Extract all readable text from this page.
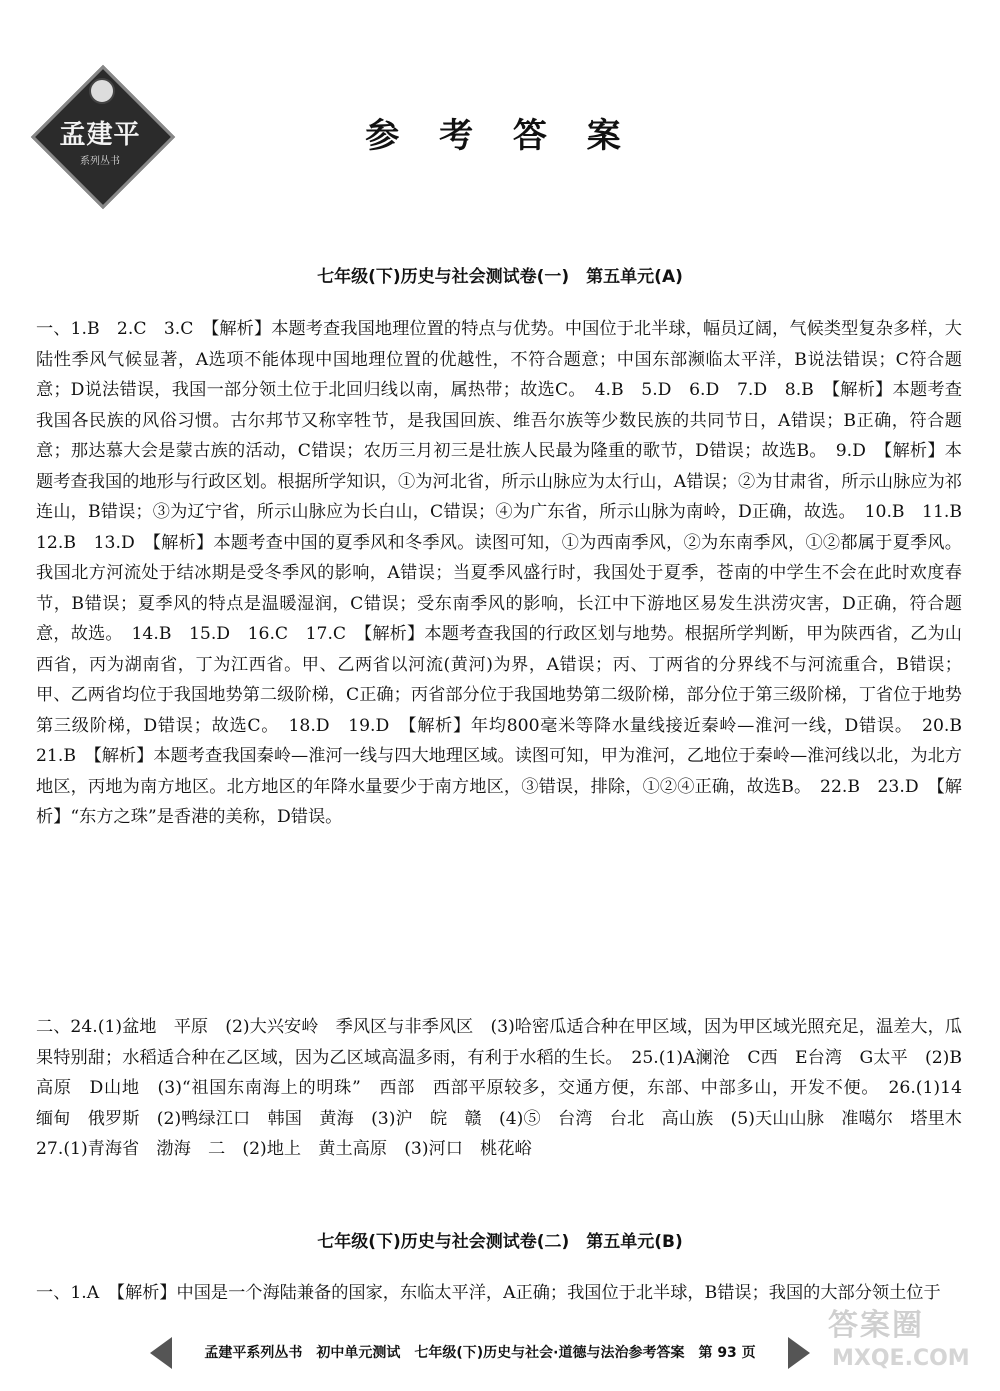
孟建平
系列丛书
参 考 答 案
七年级(下)历史与社会测试卷(一)　第五单元(A)
一、1.B　2.C　3.C　【解析】本题考查我国地理位置的特点与优势。中国位于北半球，幅员辽阔，气候类型复杂多样，大陆性季风气候显著，A选项不能体现中国地理位置的优越性，不符合题意；中国东部濒临太平洋，B说法错误；C符合题意；D说法错误，我国一部分领土位于北回归线以南，属热带；故选C。　4.B　5.D　6.D　7.D　8.B　【解析】本题考查我国各民族的风俗习惯。古尔邦节又称宰牲节，是我国回族、维吾尔族等少数民族的共同节日，A错误；B正确，符合题意；那达慕大会是蒙古族的活动，C错误；农历三月初三是壮族人民最为隆重的歌节，D错误；故选B。　9.D　【解析】本题考查我国的地形与行政区划。根据所学知识，①为河北省，所示山脉应为太行山，A错误；②为甘肃省，所示山脉应为祁连山，B错误；③为辽宁省，所示山脉应为长白山，C错误；④为广东省，所示山脉为南岭，D正确，故选。　10.B　11.B　12.B　13.D　【解析】本题考查中国的夏季风和冬季风。读图可知，①为西南季风，②为东南季风，①②都属于夏季风。我国北方河流处于结冰期是受冬季风的影响，A错误；当夏季风盛行时，我国处于夏季，苍南的中学生不会在此时欢度春节，B错误；夏季风的特点是温暖湿润，C错误；受东南季风的影响，长江中下游地区易发生洪涝灾害，D正确，符合题意，故选。　14.B　15.D　16.C　17.C　【解析】本题考查我国的行政区划与地势。根据所学判断，甲为陕西省，乙为山西省，丙为湖南省，丁为江西省。甲、乙两省以河流(黄河)为界，A错误；丙、丁两省的分界线不与河流重合，B错误；甲、乙两省均位于我国地势第二级阶梯，C正确；丙省部分位于我国地势第二级阶梯，部分位于第三级阶梯，丁省位于地势第三级阶梯，D错误；故选C。　18.D　19.D　【解析】年均800毫米等降水量线接近秦岭—淮河一线，D错误。　20.B　21.B　【解析】本题考查我国秦岭—淮河一线与四大地理区域。读图可知，甲为淮河，乙地位于秦岭—淮河线以北，为北方地区，丙地为南方地区。北方地区的年降水量要少于南方地区，③错误，排除，①②④正确，故选B。　22.B　23.D　【解析】“东方之珠”是香港的美称，D错误。
二、24.(1)盆地　平原　(2)大兴安岭　季风区与非季风区　(3)哈密瓜适合种在甲区域，因为甲区域光照充足，温差大，瓜果特别甜；水稻适合种在乙区域，因为乙区域高温多雨，有利于水稻的生长。　25.(1)A澜沧　C西　E台湾　G太平　(2)B高原　D山地　(3)“祖国东南海上的明珠”　西部　西部平原较多，交通方便，东部、中部多山，开发不便。　26.(1)14　缅甸　俄罗斯　(2)鸭绿江口　韩国　黄海　(3)沪　皖　赣　(4)⑤　台湾　台北　高山族　(5)天山山脉　准噶尔　塔里木　27.(1)青海省　渤海　二　(2)地上　黄土高原　(3)河口　桃花峪
七年级(下)历史与社会测试卷(二)　第五单元(B)
一、1.A　【解析】中国是一个海陆兼备的国家，东临太平洋，A正确；我国位于北半球，B错误；我国的大部分领土位于
孟建平系列丛书　初中单元测试　七年级(下)历史与社会·道德与法治参考答案　第 93 页
答案圈
MXQE.COM
